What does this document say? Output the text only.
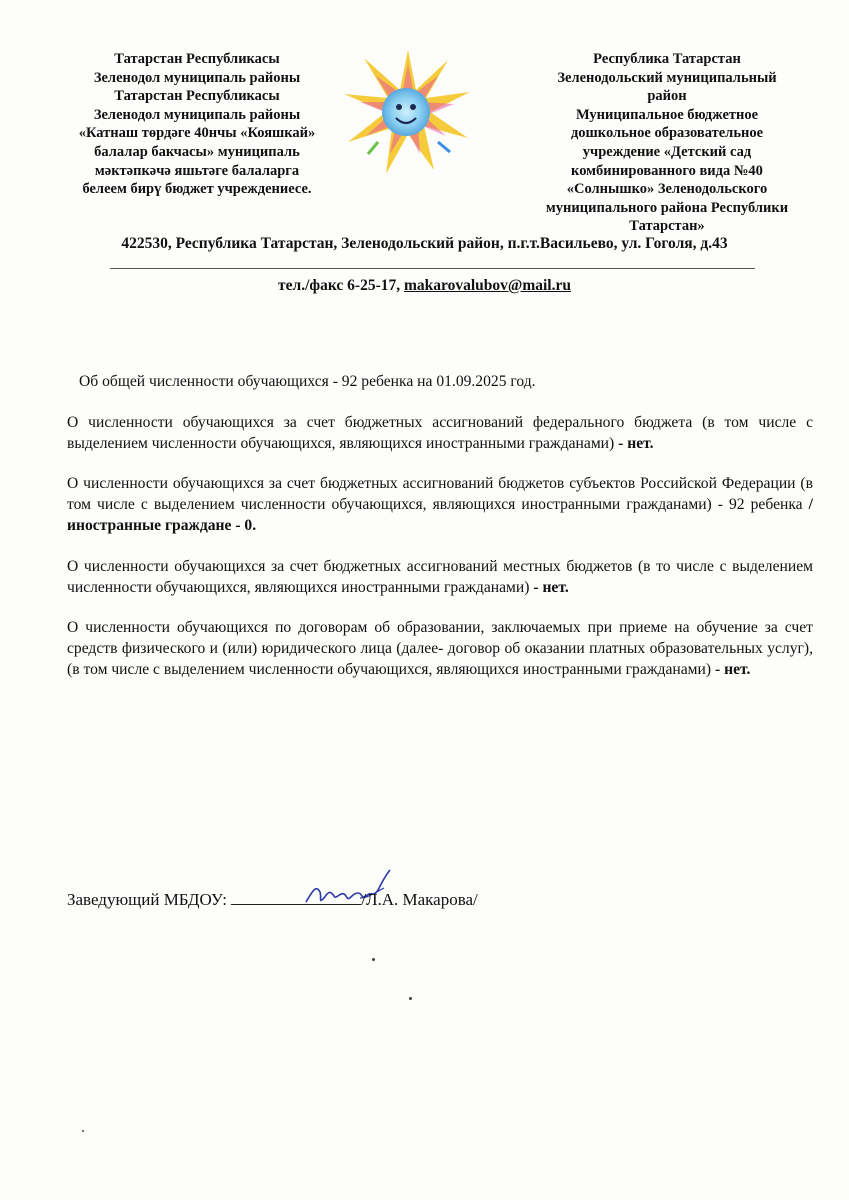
Татарстан Республикасы
Зеленодол муниципаль районы
Татарстан Республикасы
Зеленодол муниципаль районы
«Катнаш төрдәге 40нчы «Кояшкай»
балалар бакчасы» муниципаль
мәктәпкәчә яшьтәге балаларга
белеем бирү бюджет учреждениесе.
Республика Татарстан
Зеленодольский муниципальный
район
Муниципальное бюджетное
дошкольное образовательное
учреждение «Детский сад
комбинированного вида №40
«Солнышко» Зеленодольского
муниципального района Республики
Татарстан»
422530, Республика Татарстан, Зеленодольский район, п.г.т.Васильево, ул. Гоголя, д.43
тел./факс 6-25-17, makarovalubov@mail.ru

Об общей численности обучающихся - 92 ребенка на 01.09.2025 год.

О численности обучающихся за счет бюджетных ассигнований федерального бюджета (в том числе с выделением численности обучающихся, являющихся иностранными гражданами) - нет.

О численности обучающихся за счет бюджетных ассигнований бюджетов субъектов Российской Федерации (в том числе с выделением численности обучающихся, являющихся иностранными гражданами) - 92 ребенка / иностранные граждане - 0.

О численности обучающихся за счет бюджетных ассигнований местных бюджетов (в то числе с выделением численности обучающихся, являющихся иностранными гражданами) - нет.

О численности обучающихся по договорам об образовании, заключаемых при приеме на обучение за счет средств физического и (или) юридического лица (далее- договор об оказании платных образовательных услуг), (в том числе с выделением численности обучающихся, являющихся иностранными гражданами) - нет.

Заведующий МБДОУ:	/Л.А. Макарова/
